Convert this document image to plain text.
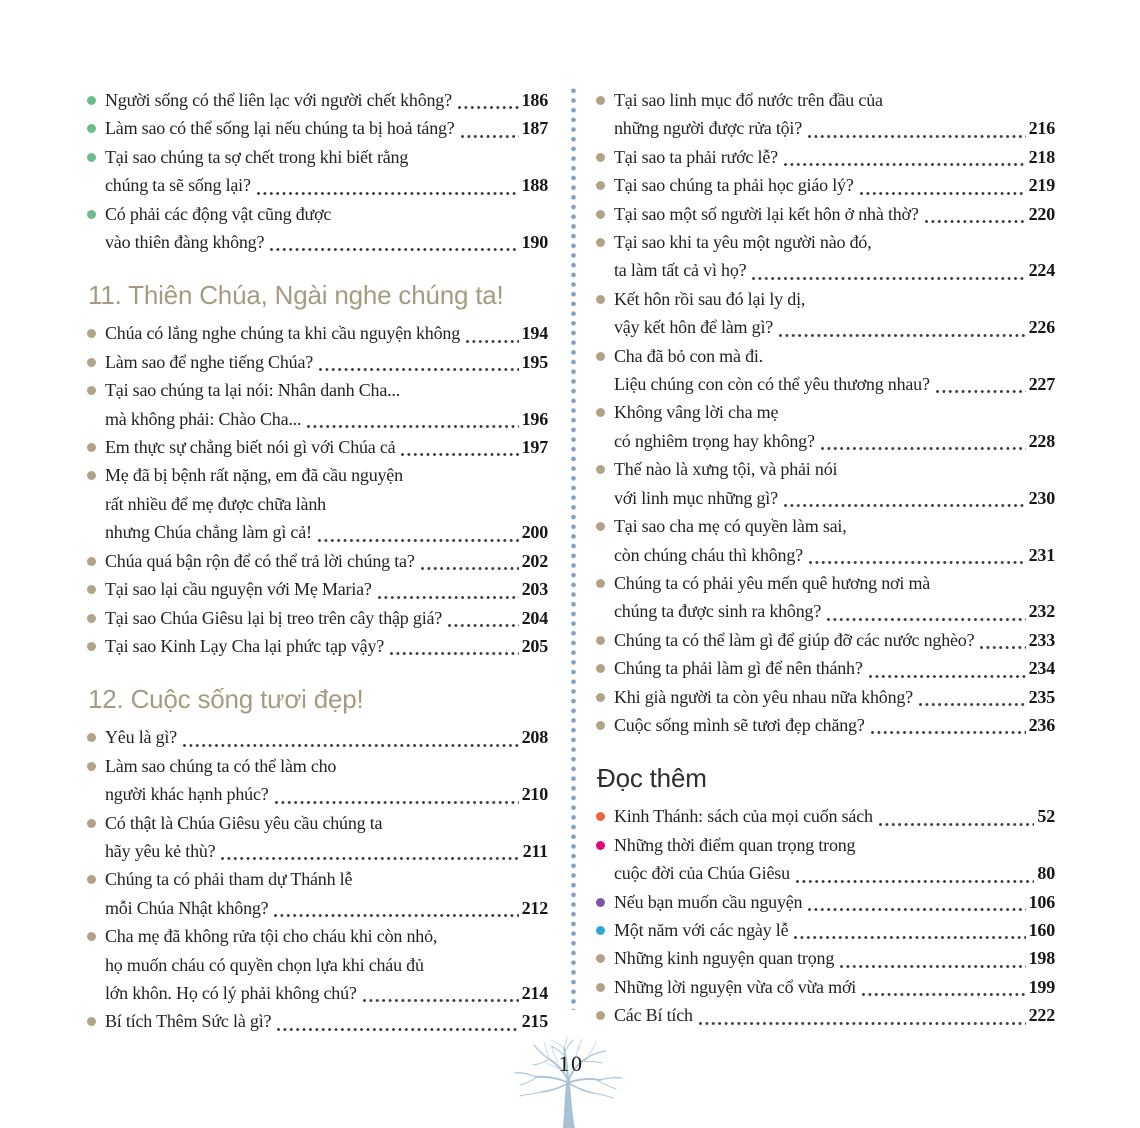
Người sống có thể liên lạc với người chết không?	186
Làm sao có thể sống lại nếu chúng ta bị hoả táng?	187
Tại sao chúng ta sợ chết trong khi biết rằng
chúng ta sẽ sống lại?	188
Có phải các động vật cũng được
vào thiên đàng không?	190
11. Thiên Chúa, Ngài nghe chúng ta!
Chúa có lắng nghe chúng ta khi cầu nguyện không	194
Làm sao để nghe tiếng Chúa?	195
Tại sao chúng ta lại nói: Nhân danh Cha...
mà không phải: Chào Cha...	196
Em thực sự chẳng biết nói gì với Chúa cả	197
Mẹ đã bị bệnh rất nặng, em đã cầu nguyện
rất nhiều để mẹ được chữa lành
nhưng Chúa chẳng làm gì cả!	200
Chúa quá bận rộn để có thể trả lời chúng ta?	202
Tại sao lại cầu nguyện với Mẹ Maria?	203
Tại sao Chúa Giêsu lại bị treo trên cây thập giá?	204
Tại sao Kinh Lạy Cha lại phức tạp vậy?	205
12. Cuộc sống tươi đẹp!
Yêu là gì?	208
Làm sao chúng ta có thể làm cho
người khác hạnh phúc?	210
Có thật là Chúa Giêsu yêu cầu chúng ta
hãy yêu kẻ thù?	211
Chúng ta có phải tham dự Thánh lễ
mỗi Chúa Nhật không?	212
Cha mẹ đã không rửa tội cho cháu khi còn nhỏ,
họ muốn cháu có quyền chọn lựa khi cháu đủ
lớn khôn. Họ có lý phải không chú?	214
Bí tích Thêm Sức là gì?	215
Tại sao linh mục đổ nước trên đầu của
những người được rửa tội?	216
Tại sao ta phải rước lễ?	218
Tại sao chúng ta phải học giáo lý?	219
Tại sao một số người lại kết hôn ở nhà thờ?	220
Tại sao khi ta yêu một người nào đó,
ta làm tất cả vì họ?	224
Kết hôn rồi sau đó lại ly dị,
vậy kết hôn để làm gì?	226
Cha đã bỏ con mà đi.
Liệu chúng con còn có thể yêu thương nhau?	227
Không vâng lời cha mẹ
có nghiêm trọng hay không?	228
Thế nào là xưng tội, và phải nói
với linh mục những gì?	230
Tại sao cha mẹ có quyền làm sai,
còn chúng cháu thì không?	231
Chúng ta có phải yêu mến quê hương nơi mà
chúng ta được sinh ra không?	232
Chúng ta có thể làm gì để giúp đỡ các nước nghèo?	233
Chúng ta phải làm gì để nên thánh?	234
Khi già người ta còn yêu nhau nữa không?	235
Cuộc sống mình sẽ tươi đẹp chăng?	236
Đọc thêm
Kinh Thánh: sách của mọi cuốn sách	52
Những thời điểm quan trọng trong
cuộc đời của Chúa Giêsu	80
Nếu bạn muốn cầu nguyện	106
Một năm với các ngày lễ	160
Những kinh nguyện quan trọng	198
Những lời nguyện vừa cổ vừa mới	199
Các Bí tích	222
10
